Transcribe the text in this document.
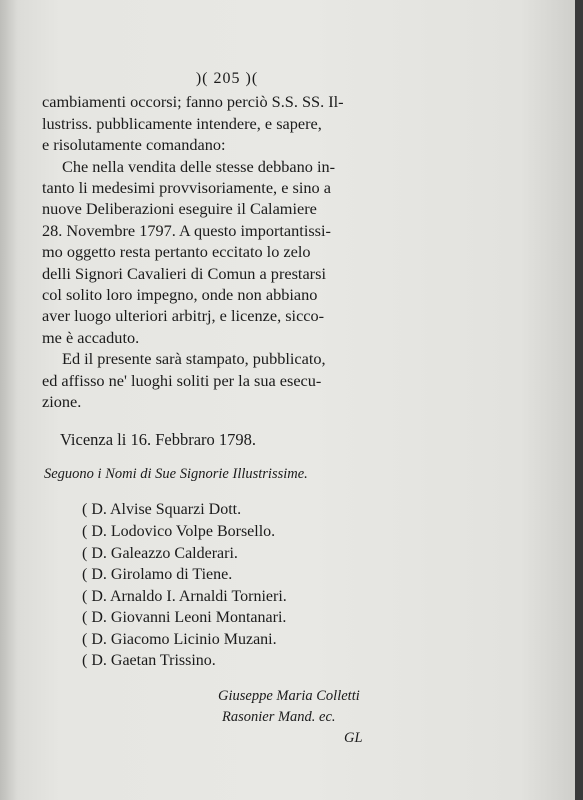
)( 205 )(
cambiamenti occorsi; fanno perciò S.S. SS. Il-
lustriss. pubblicamente intendere, e sapere,
e risolutamente comandano:
Che nella vendita delle stesse debbano in-
tanto li medesimi provvisoriamente, e sino a
nuove Deliberazioni eseguire il Calamiere
28. Novembre 1797. A questo importantissi-
mo oggetto resta pertanto eccitato lo zelo
delli Signori Cavalieri di Comun a prestarsi
col solito loro impegno, onde non abbiano
aver luogo ulteriori arbitrj, e licenze, sicco-
me è accaduto.
Ed il presente sarà stampato, pubblicato,
ed affisso ne' luoghi soliti per la sua esecu-
zione.
Vicenza li 16. Febbraro 1798.
Seguono i Nomi di Sue Signorie Illustrissime.
( D. Alvise Squarzi Dott.
( D. Lodovico Volpe Borsello.
( D. Galeazzo Calderari.
( D. Girolamo di Tiene.
( D. Arnaldo I. Arnaldi Tornieri.
( D. Giovanni Leoni Montanari.
( D. Giacomo Licinio Muzani.
( D. Gaetan Trissino.
Giuseppe Maria Colletti
Rasonier Mand. ec.
GL
